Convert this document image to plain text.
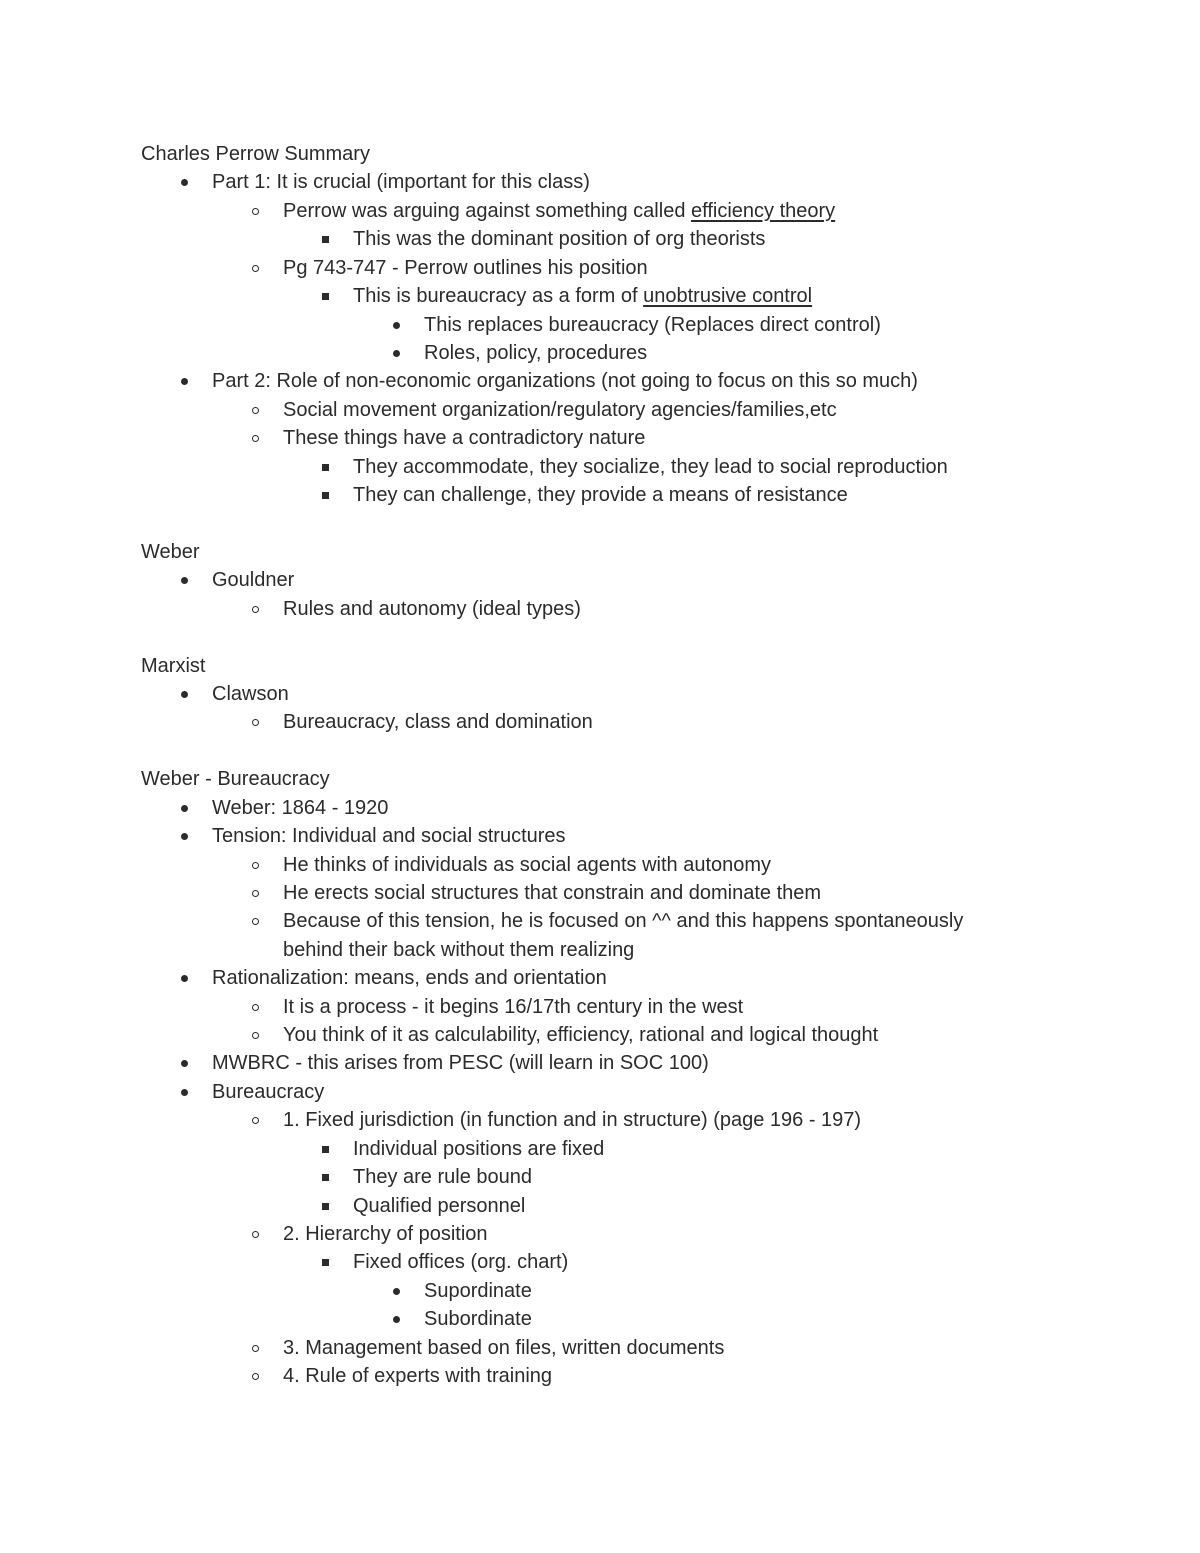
Charles Perrow Summary
Part 1: It is crucial (important for this class)
Perrow was arguing against something called efficiency theory
This was the dominant position of org theorists
Pg 743-747 - Perrow outlines his position
This is bureaucracy as a form of unobtrusive control
This replaces bureaucracy (Replaces direct control)
Roles, policy, procedures
Part 2: Role of non-economic organizations (not going to focus on this so much)
Social movement organization/regulatory agencies/families,etc
These things have a contradictory nature
They accommodate, they socialize, they lead to social reproduction
They can challenge, they provide a means of resistance
Weber
Gouldner
Rules and autonomy (ideal types)
Marxist
Clawson
Bureaucracy, class and domination
Weber - Bureaucracy
Weber: 1864 - 1920
Tension: Individual and social structures
He thinks of individuals as social agents with autonomy
He erects social structures that constrain and dominate them
Because of this tension, he is focused on ^^ and this happens spontaneously
behind their back without them realizing
Rationalization: means, ends and orientation
It is a process - it begins 16/17th century in the west
You think of it as calculability, efficiency, rational and logical thought
MWBRC - this arises from PESC (will learn in SOC 100)
Bureaucracy
1. Fixed jurisdiction (in function and in structure) (page 196 - 197)
Individual positions are fixed
They are rule bound
Qualified personnel
2. Hierarchy of position
Fixed offices (org. chart)
Supordinate
Subordinate
3. Management based on files, written documents
4. Rule of experts with training
